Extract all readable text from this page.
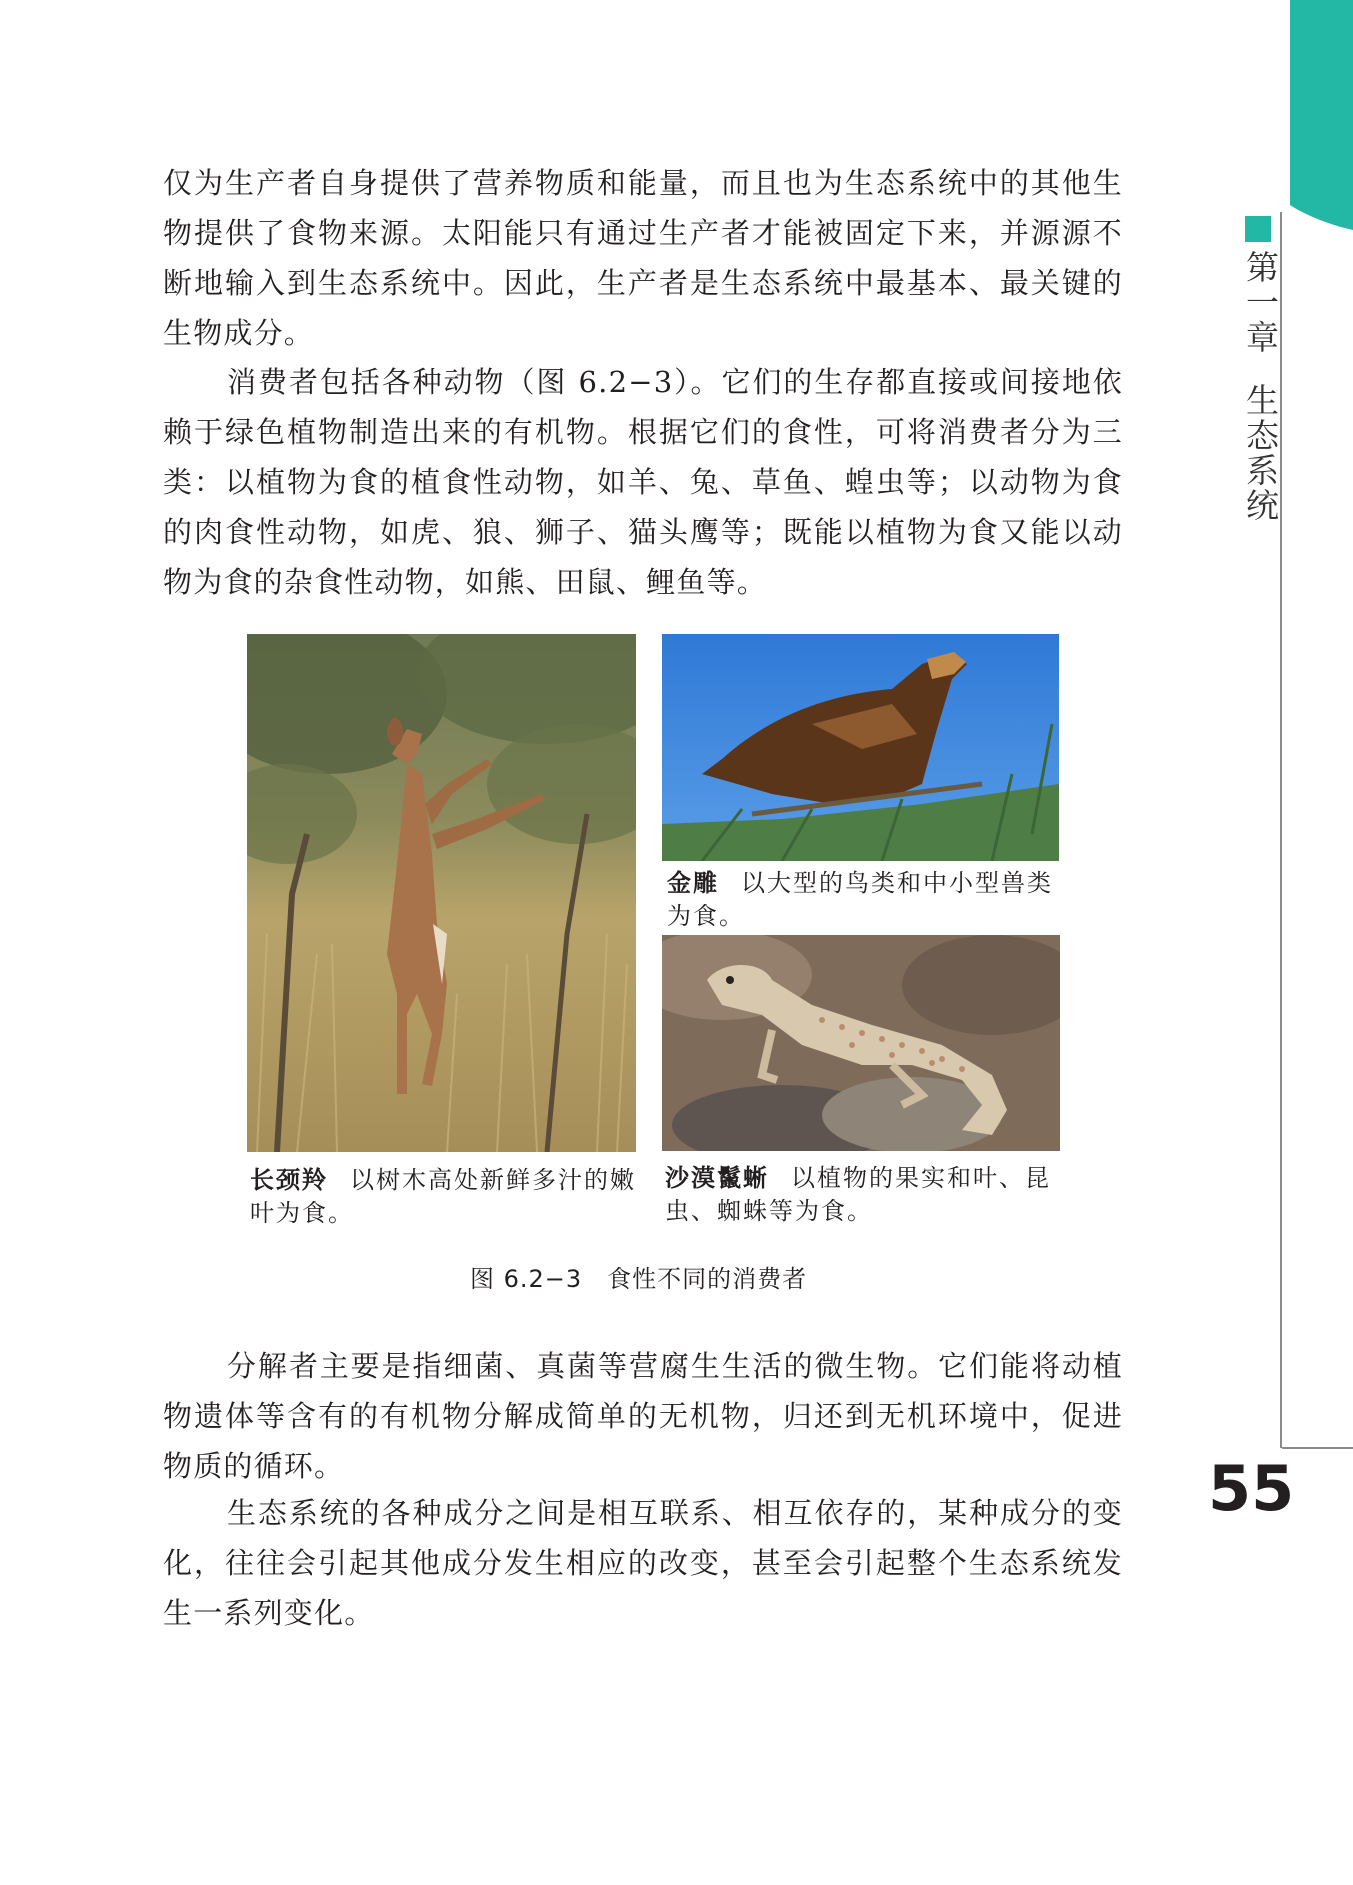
第一章生态系统
55
仅为生产者自身提供了营养物质和能量，而且也为生态系统中的其他生物提供了食物来源。太阳能只有通过生产者才能被固定下来，并源源不断地输入到生态系统中。因此，生产者是生态系统中最基本、最关键的生物成分。
消费者包括各种动物（图 6.2−3）。它们的生存都直接或间接地依赖于绿色植物制造出来的有机物。根据它们的食性，可将消费者分为三类：以植物为食的植食性动物，如羊、兔、草鱼、蝗虫等；以动物为食的肉食性动物，如虎、狼、狮子、猫头鹰等；既能以植物为食又能以动物为食的杂食性动物，如熊、田鼠、鲤鱼等。
长颈羚 以树木高处新鲜多汁的嫩叶为食。
金雕 以大型的鸟类和中小型兽类为食。
沙漠鬣蜥 以植物的果实和叶、昆虫、蜘蛛等为食。
图 6.2−3　食性不同的消费者
分解者主要是指细菌、真菌等营腐生生活的微生物。它们能将动植物遗体等含有的有机物分解成简单的无机物，归还到无机环境中，促进物质的循环。
生态系统的各种成分之间是相互联系、相互依存的，某种成分的变化，往往会引起其他成分发生相应的改变，甚至会引起整个生态系统发生一系列变化。
